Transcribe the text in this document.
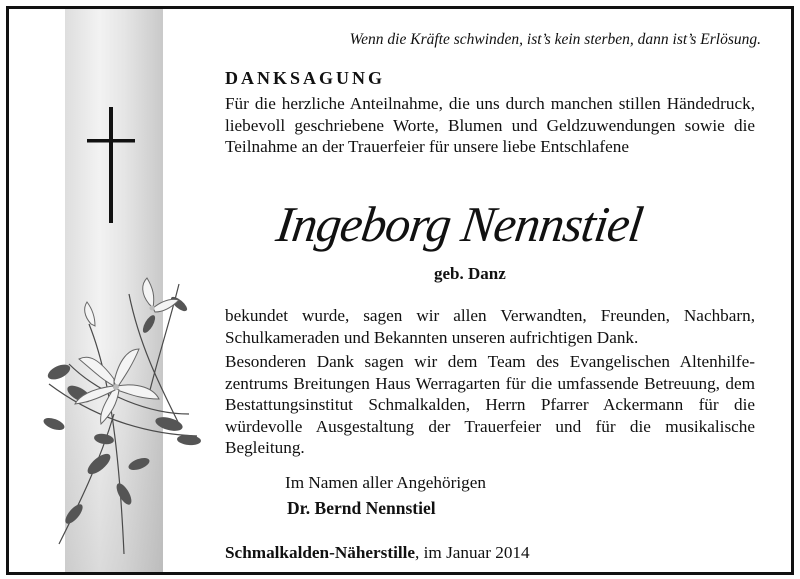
Wenn die Kräfte schwinden, ist’s kein sterben, dann ist’s Erlösung.
DANKSAGUNG
Für die herzliche Anteilnahme, die uns durch manchen stillen Händedruck, liebevoll geschriebene Worte, Blumen und Geldzuwendungen sowie die Teilnahme an der Trauerfeier für unsere liebe Entschlafene
Ingeborg Nennstiel
geb. Danz
bekundet wurde, sagen wir allen Verwandten, Freunden, Nachbarn, Schulkameraden und Bekannten unseren aufrichtigen Dank.
Besonderen Dank sagen wir dem Team des Evangelischen Altenhilfezentrums Breitungen Haus Werragarten für die umfassende Betreuung, dem Bestattungsinstitut Schmalkalden, Herrn Pfarrer Ackermann für die würdevolle Ausgestaltung der Trauerfeier und für die musikalische Begleitung.
Im Namen aller Angehörigen
Dr. Bernd Nennstiel
Schmalkalden-Näherstille, im Januar 2014
